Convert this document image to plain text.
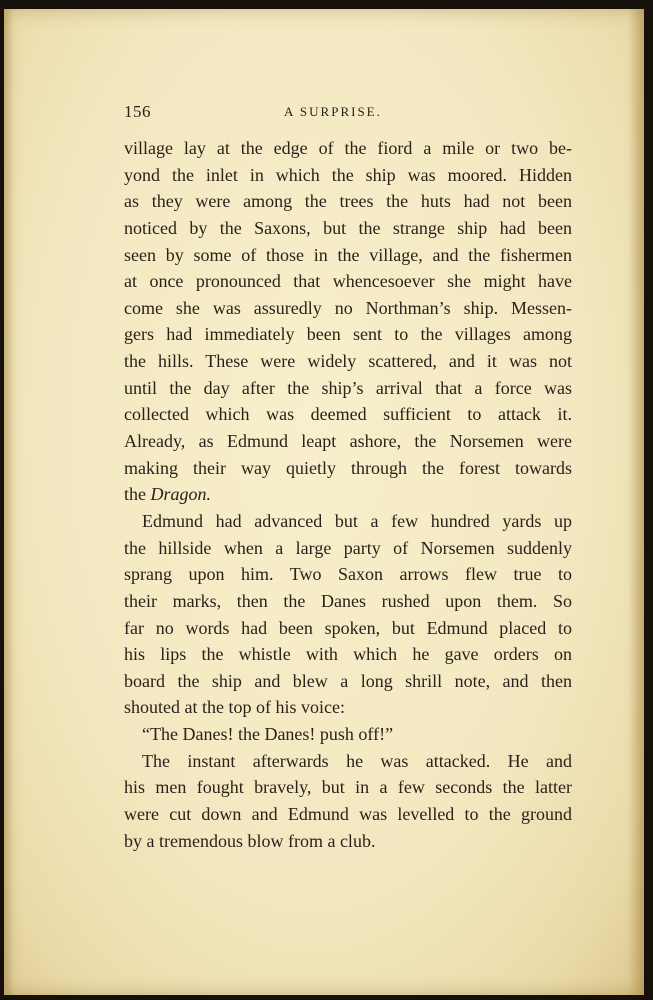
156	A SURPRISE.
village lay at the edge of the fiord a mile or two be-
yond the inlet in which the ship was moored. Hidden
as they were among the trees the huts had not been
noticed by the Saxons, but the strange ship had been
seen by some of those in the village, and the fishermen
at once pronounced that whencesoever she might have
come she was assuredly no Northman’s ship. Messen-
gers had immediately been sent to the villages among
the hills. These were widely scattered, and it was not
until the day after the ship’s arrival that a force was
collected which was deemed sufficient to attack it.
Already, as Edmund leapt ashore, the Norsemen were
making their way quietly through the forest towards
the Dragon.
Edmund had advanced but a few hundred yards up
the hillside when a large party of Norsemen suddenly
sprang upon him. Two Saxon arrows flew true to
their marks, then the Danes rushed upon them. So
far no words had been spoken, but Edmund placed to
his lips the whistle with which he gave orders on
board the ship and blew a long shrill note, and then
shouted at the top of his voice:
“The Danes! the Danes! push off!”
The instant afterwards he was attacked. He and
his men fought bravely, but in a few seconds the latter
were cut down and Edmund was levelled to the ground
by a tremendous blow from a club.
